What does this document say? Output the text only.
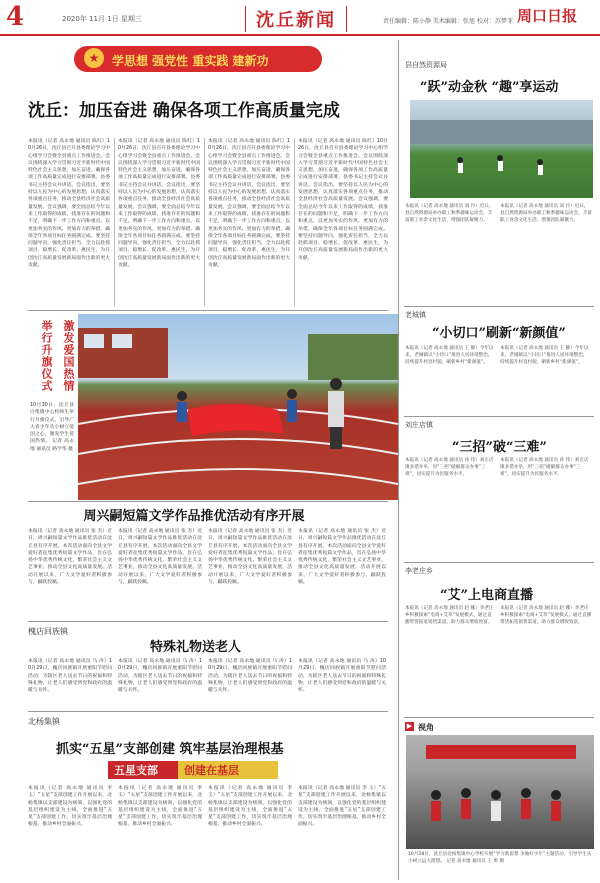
4	2020年 11月 1日 星期三	沈丘新闻	责任编辑：陈小静 美术编辑：张旭 校对：苏梦菲 周口日报
★	学思想 强党性 重实践 建新功
沈丘：加压奋进 确保各项工作高质量完成
本报讯（记者 高永地 通讯员 陈红）10月26日，沈丘县召开县委理论学习中心组学习会暨全县重点工作推进会。会议围绕深入学习贯彻习近平新时代中国特色社会主义思想，加压奋进，确保各项工作高质量完成进行安排部署。县委书记主持会议并讲话。会议指出，要坚持以人民为中心的发展思想，认真落实各项重点任务，推动全县经济社会高质量发展。会议强调，要全面总结今年以来工作取得的成绩，找准存在的问题和不足，明确下一步工作方向和重点，以更加务实的作风、更加有力的举措，确保全年各项目标任务圆满完成。要坚持问题导向，强化责任担当，全力以赴抓项目、稳增长、促改革、惠民生，为开创沈丘高质量发展新局面作出新的更大贡献。
本报讯（记者 高永地 通讯员 陈红）10月26日，沈丘县召开县委理论学习中心组学习会暨全县重点工作推进会。会议围绕深入学习贯彻习近平新时代中国特色社会主义思想，加压奋进，确保各项工作高质量完成进行安排部署。县委书记主持会议并讲话。会议指出，要坚持以人民为中心的发展思想，认真落实各项重点任务，推动全县经济社会高质量发展。会议强调，要全面总结今年以来工作取得的成绩，找准存在的问题和不足，明确下一步工作方向和重点，以更加务实的作风、更加有力的举措，确保全年各项目标任务圆满完成。要坚持问题导向，强化责任担当，全力以赴抓项目、稳增长、促改革、惠民生，为开创沈丘高质量发展新局面作出新的更大贡献。
本报讯（记者 高永地 通讯员 陈红）10月26日，沈丘县召开县委理论学习中心组学习会暨全县重点工作推进会。会议围绕深入学习贯彻习近平新时代中国特色社会主义思想，加压奋进，确保各项工作高质量完成进行安排部署。县委书记主持会议并讲话。会议指出，要坚持以人民为中心的发展思想，认真落实各项重点任务，推动全县经济社会高质量发展。会议强调，要全面总结今年以来工作取得的成绩，找准存在的问题和不足，明确下一步工作方向和重点，以更加务实的作风、更加有力的举措，确保全年各项目标任务圆满完成。要坚持问题导向，强化责任担当，全力以赴抓项目、稳增长、促改革、惠民生，为开创沈丘高质量发展新局面作出新的更大贡献。
本报讯（记者 高永地 通讯员 陈红）10月26日，沈丘县召开县委理论学习中心组学习会暨全县重点工作推进会。会议围绕深入学习贯彻习近平新时代中国特色社会主义思想，加压奋进，确保各项工作高质量完成进行安排部署。县委书记主持会议并讲话。会议指出，要坚持以人民为中心的发展思想，认真落实各项重点任务，推动全县经济社会高质量发展。会议强调，要全面总结今年以来工作取得的成绩，找准存在的问题和不足，明确下一步工作方向和重点，以更加务实的作风、更加有力的举措，确保全年各项目标任务圆满完成。要坚持问题导向，强化责任担当，全力以赴抓项目、稳增长、促改革、惠民生，为开创沈丘高质量发展新局面作出新的更大贡献。
举行升旗仪式 激发爱国热情
10月30日，沈丘县白集镇中心校师生举行升旗仪式，引导广大青少年从小树立爱国之心，激发学生爱国热情。 记者 高永地 通讯员 路学华 摄
周兴嗣短篇文学作品推优活动有序开展
本报讯（记者 高永地 通讯员 张 杰）近日，周兴嗣短篇文学作品推优活动在沈丘县有序开展。本次活动面向全县文学爱好者征集优秀短篇文学作品，旨在弘扬中华优秀传统文化，繁荣社会主义文艺事业，推动全县文化高质量发展。活动开展以来，广大文学爱好者积极参与，踊跃投稿。
本报讯（记者 高永地 通讯员 张 杰）近日，周兴嗣短篇文学作品推优活动在沈丘县有序开展。本次活动面向全县文学爱好者征集优秀短篇文学作品，旨在弘扬中华优秀传统文化，繁荣社会主义文艺事业，推动全县文化高质量发展。活动开展以来，广大文学爱好者积极参与，踊跃投稿。
本报讯（记者 高永地 通讯员 张 杰）近日，周兴嗣短篇文学作品推优活动在沈丘县有序开展。本次活动面向全县文学爱好者征集优秀短篇文学作品，旨在弘扬中华优秀传统文化，繁荣社会主义文艺事业，推动全县文化高质量发展。活动开展以来，广大文学爱好者积极参与，踊跃投稿。
本报讯（记者 高永地 通讯员 张 杰）近日，周兴嗣短篇文学作品推优活动在沈丘县有序开展。本次活动面向全县文学爱好者征集优秀短篇文学作品，旨在弘扬中华优秀传统文化，繁荣社会主义文艺事业，推动全县文化高质量发展。活动开展以来，广大文学爱好者积极参与，踊跃投稿。
槐店回族镇
特殊礼物送老人
本报讯（记者 高永地 通讯员 马 涛）10月29日，槐店回族镇开展重阳节慰问活动，为辖区老人送去节日的祝福和特殊礼物，让老人们感受到党和政府的温暖与关怀。
本报讯（记者 高永地 通讯员 马 涛）10月29日，槐店回族镇开展重阳节慰问活动，为辖区老人送去节日的祝福和特殊礼物，让老人们感受到党和政府的温暖与关怀。
本报讯（记者 高永地 通讯员 马 涛）10月29日，槐店回族镇开展重阳节慰问活动，为辖区老人送去节日的祝福和特殊礼物，让老人们感受到党和政府的温暖与关怀。
本报讯（记者 高永地 通讯员 马 涛）10月29日，槐店回族镇开展重阳节慰问活动，为辖区老人送去节日的祝福和特殊礼物，让老人们感受到党和政府的温暖与关怀。
北杨集镇
抓实“五星”支部创建 筑牢基层治理根基
五星支部 创建在基层
本报讯（记者 高永地 通讯员 李 玉）“五星”支部创建工作开展以来，北杨集镇以支部建设为统领，以强化党的基层组织建设为主线，全面推进“五星”支部创建工作，切实筑牢基层治理根基，推动乡村全面振兴。
本报讯（记者 高永地 通讯员 李 玉）“五星”支部创建工作开展以来，北杨集镇以支部建设为统领，以强化党的基层组织建设为主线，全面推进“五星”支部创建工作，切实筑牢基层治理根基，推动乡村全面振兴。
本报讯（记者 高永地 通讯员 李 玉）“五星”支部创建工作开展以来，北杨集镇以支部建设为统领，以强化党的基层组织建设为主线，全面推进“五星”支部创建工作，切实筑牢基层治理根基，推动乡村全面振兴。
本报讯（记者 高永地 通讯员 李 玉）“五星”支部创建工作开展以来，北杨集镇以支部建设为统领，以强化党的基层组织建设为主线，全面推进“五星”支部创建工作，切实筑牢基层治理根基，推动乡村全面振兴。
县自然资源局
“跃”动金秋 “趣”享运动
本报讯（记者 高永地 通讯员 刘 丹）近日，县自然资源局举办职工秋季趣味运动会，丰富职工业余文化生活，增强团队凝聚力。
本报讯（记者 高永地 通讯员 刘 丹）近日，县自然资源局举办职工秋季趣味运动会，丰富职工业余文化生活，增强团队凝聚力。
老城镇
“小切口”刷新“新颜值”
本报讯（记者 高永地 通讯员 王 静）今年以来，老城镇以“小切口”推进人居环境整治，持续提升村容村貌，刷新乡村“新颜值”。
本报讯（记者 高永地 通讯员 王 静）今年以来，老城镇以“小切口”推进人居环境整治，持续提升村容村貌，刷新乡村“新颜值”。
刘庄店镇
“三招”破“三难”
本报讯（记者 高永地 通讯员 孙 伟）刘庄店镇多措并举，用“三招”破解群众办事“三难”，切实提升为民服务水平。
本报讯（记者 高永地 通讯员 孙 伟）刘庄店镇多措并举，用“三招”破解群众办事“三难”，切实提升为民服务水平。
李老庄乡
“艾”上电商直播
本报讯（记者 高永地 通讯员 赵 娜）李老庄乡积极探索“电商+艾草”发展模式，通过直播带货拓宽销售渠道，助力群众增收致富。
本报讯（记者 高永地 通讯员 赵 娜）李老庄乡积极探索“电商+艾草”发展模式，通过直播带货拓宽销售渠道，助力群众增收致富。
▶ 视角
10月28日，沈丘县北杨集镇中心学校开展“学习新思想 争做好少年”主题活动，引导学生从小树立远大理想。 记者 高永地 通讯员 王 勇 摄
